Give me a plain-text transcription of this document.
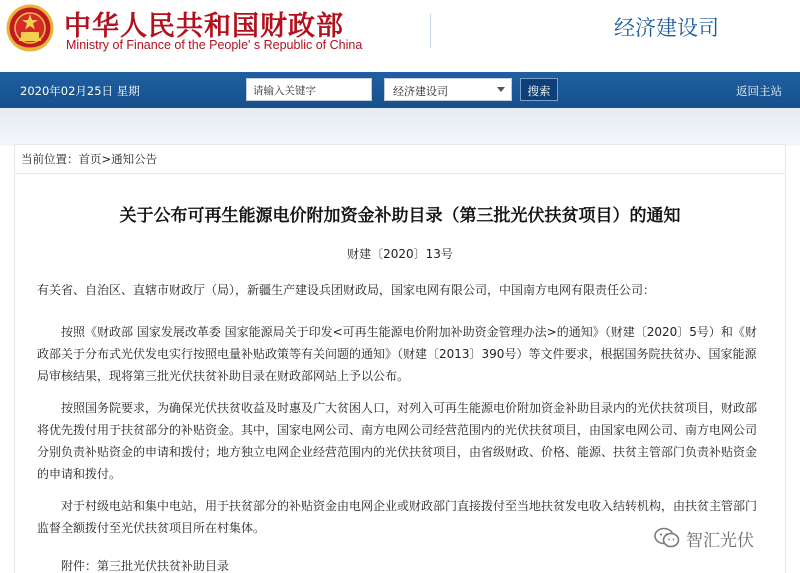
中华人民共和国财政部
Ministry of Finance of the People' s Republic of China
经济建设司
2020年02月25日 星期	请输入关键字	经济建设司	搜索	返回主站
当前位置：首页>通知公告
关于公布可再生能源电价附加资金补助目录（第三批光伏扶贫项目）的通知
财建〔2020〕13号
有关省、自治区、直辖市财政厅（局），新疆生产建设兵团财政局，国家电网有限公司，中国南方电网有限责任公司：
按照《财政部 国家发展改革委 国家能源局关于印发<可再生能源电价附加补助资金管理办法>的通知》（财建〔2020〕5号）和《财政部关于分布式光伏发电实行按照电量补贴政策等有关问题的通知》（财建〔2013〕390号）等文件要求，根据国务院扶贫办、国家能源局审核结果，现将第三批光伏扶贫补助目录在财政部网站上予以公布。
按照国务院要求，为确保光伏扶贫收益及时惠及广大贫困人口，对列入可再生能源电价附加资金补助目录内的光伏扶贫项目，财政部将优先拨付用于扶贫部分的补贴资金。其中，国家电网公司、南方电网公司经营范围内的光伏扶贫项目，由国家电网公司、南方电网公司分别负责补贴资金的申请和拨付；地方独立电网企业经营范围内的光伏扶贫项目，由省级财政、价格、能源、扶贫主管部门负责补贴资金的申请和拨付。
对于村级电站和集中电站，用于扶贫部分的补贴资金由电网企业或财政部门直接拨付至当地扶贫发电收入结转机构，由扶贫主管部门监督全额拨付至光伏扶贫项目所在村集体。
附件：第三批光伏扶贫补助目录
智汇光伏
